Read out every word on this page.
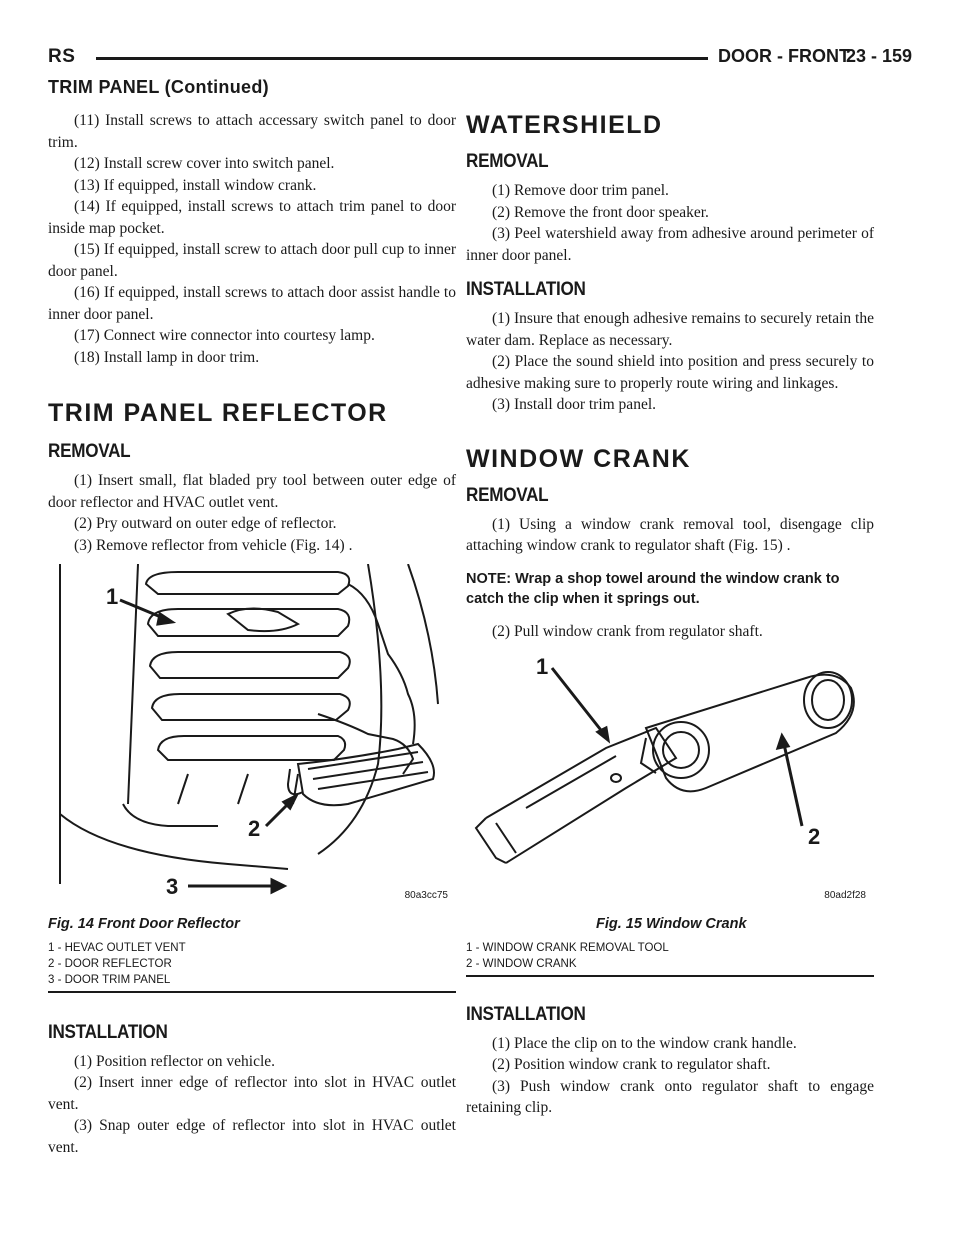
RS	DOOR - FRONT
23 - 159
TRIM PANEL (Continued)

(11) Install screws to attach accessary switch panel to door trim.

(12) Install screw cover into switch panel.

(13) If equipped, install window crank.

(14) If equipped, install screws to attach trim panel to door inside map pocket.

(15) If equipped, install screw to attach door pull cup to inner door panel.

(16) If equipped, install screws to attach door assist handle to inner door panel.

(17) Connect wire connector into courtesy lamp.

(18) Install lamp in door trim.

TRIM PANEL REFLECTOR
REMOVAL

(1) Insert small, flat bladed pry tool between outer edge of door reflector and HVAC outlet vent.

(2) Pry outward on outer edge of reflector.

(3) Remove reflector from vehicle (Fig. 14) .

1
2
3	80a3cc75
Fig. 14 Front Door Reflector
1 - HEVAC OUTLET VENT
2 - DOOR REFLECTOR
3 - DOOR TRIM PANEL
INSTALLATION

(1) Position reflector on vehicle.

(2) Insert inner edge of reflector into slot in HVAC outlet vent.

(3) Snap outer edge of reflector into slot in HVAC outlet vent.

WATERSHIELD
REMOVAL

(1) Remove door trim panel.

(2) Remove the front door speaker.

(3) Peel watershield away from adhesive around perimeter of inner door panel.

INSTALLATION

(1) Insure that enough adhesive remains to securely retain the water dam. Replace as necessary.

(2) Place the sound shield into position and press securely to adhesive making sure to properly route wiring and linkages.

(3) Install door trim panel.

WINDOW CRANK
REMOVAL

(1) Using a window crank removal tool, disengage clip attaching window crank to regulator shaft (Fig. 15) .

NOTE: Wrap a shop towel around the window crank to catch the clip when it springs out.

(2) Pull window crank from regulator shaft.

1
2
80ad2f28
Fig. 15 Window Crank
1 - WINDOW CRANK REMOVAL TOOL
2 - WINDOW CRANK
INSTALLATION

(1) Place the clip on to the window crank handle.

(2) Position window crank to regulator shaft.

(3) Push window crank onto regulator shaft to engage retaining clip.
